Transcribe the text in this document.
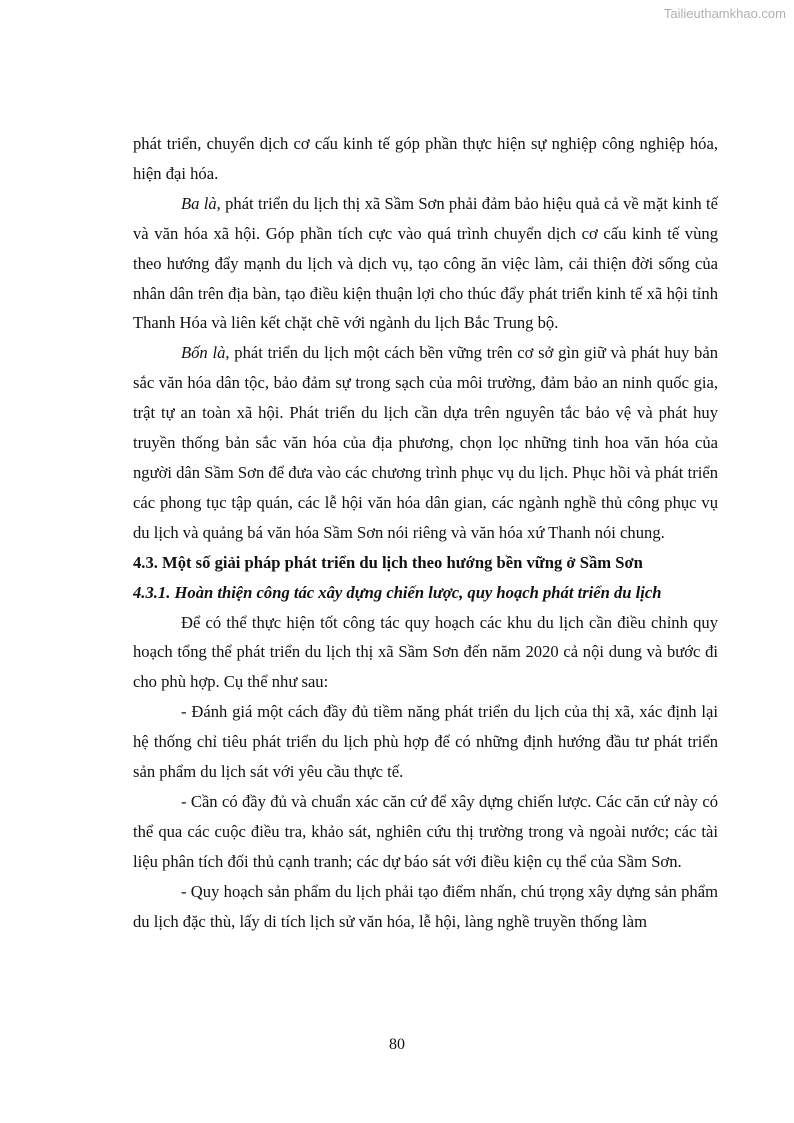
Tailieuthamkhao.com

phát triển, chuyển dịch cơ cấu kinh tế góp phần thực hiện sự nghiệp công nghiệp hóa, hiện đại hóa.

Ba là, phát triển du lịch thị xã Sầm Sơn phải đảm bảo hiệu quả cả về mặt kinh tế và văn hóa xã hội. Góp phần tích cực vào quá trình chuyển dịch cơ cấu kinh tế vùng theo hướng đẩy mạnh du lịch và dịch vụ, tạo công ăn việc làm, cải thiện đời sống của nhân dân trên địa bàn, tạo điều kiện thuận lợi cho thúc đẩy phát triển kinh tế xã hội tỉnh Thanh Hóa và liên kết chặt chẽ với ngành du lịch Bắc Trung bộ.

Bốn là, phát triển du lịch một cách bền vững trên cơ sở gìn giữ và phát huy bản sắc văn hóa dân tộc, bảo đảm sự trong sạch của môi trường, đảm bảo an ninh quốc gia, trật tự an toàn xã hội. Phát triển du lịch cần dựa trên nguyên tắc bảo vệ và phát huy truyền thống bản sắc văn hóa của địa phương, chọn lọc những tinh hoa văn hóa của người dân Sầm Sơn để đưa vào các chương trình phục vụ du lịch. Phục hồi và phát triển các phong tục tập quán, các lễ hội văn hóa dân gian, các ngành nghề thủ công phục vụ du lịch và quảng bá văn hóa Sầm Sơn nói riêng và văn hóa xứ Thanh nói chung.

4.3. Một số giải pháp phát triển du lịch theo hướng bền vững ở Sầm Sơn

4.3.1. Hoàn thiện công tác xây dựng chiến lược, quy hoạch phát triển du lịch

Để có thể thực hiện tốt công tác quy hoạch các khu du lịch cần điều chỉnh quy hoạch tổng thể phát triển du lịch thị xã Sầm Sơn đến năm 2020 cả nội dung và bước đi cho phù hợp. Cụ thể như sau:

- Đánh giá một cách đầy đủ tiềm năng phát triển du lịch của thị xã, xác định lại hệ thống chỉ tiêu phát triển du lịch phù hợp để có những định hướng đầu tư phát triển sản phẩm du lịch sát với yêu cầu thực tế.

- Cần có đầy đủ và chuẩn xác căn cứ để xây dựng chiến lược. Các căn cứ này có thể qua các cuộc điều tra, khảo sát, nghiên cứu thị trường trong và ngoài nước; các tài liệu phân tích đối thủ cạnh tranh; các dự báo sát với điều kiện cụ thể của Sầm Sơn.

- Quy hoạch sản phẩm du lịch phải tạo điểm nhấn, chú trọng xây dựng sản phẩm du lịch đặc thù, lấy di tích lịch sử văn hóa, lễ hội, làng nghề truyền thống làm

80
